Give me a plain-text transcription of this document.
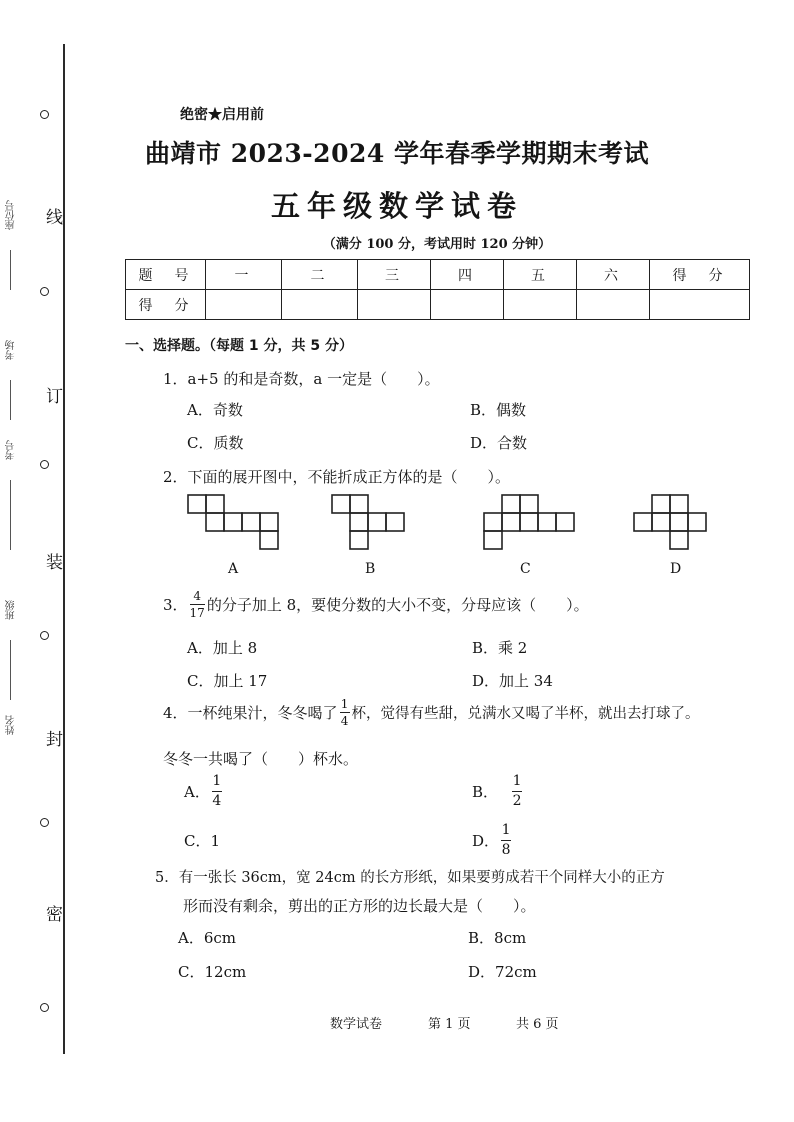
线
订
装
封
密
座位号
考场
考号
班级
姓名
绝密★启用前
曲靖市 2023-2024 学年春季学期期末考试
五年级数学试卷
（满分 100 分，考试用时 120 分钟）
题　号	一	二	三	四	五	六	得　分
得　分							
一、选择题。（每题 1 分，共 5 分）
1．a+5 的和是奇数，a 一定是（　　）。
A．奇数	B．偶数
C．质数	D．合数
2．下面的展开图中，不能折成正方体的是（　　）。
A	B	C	D
3． $\frac{4}{17}$ 的分子加上 8，要使分数的大小不变，分母应该（　　）。
A．加上 8	B．乘 2
C．加上 17	D．加上 34
4．一杯纯果汁，冬冬喝了 $\frac{1}{4}$ 杯，觉得有些甜，兑满水又喝了半杯，就出去打球了。
冬冬一共喝了（　　）杯水。
A． $\frac{1}{4}$	B． $\frac{1}{2}$
C．1	D． $\frac{1}{8}$
5．有一张长 36cm，宽 24cm 的长方形纸，如果要剪成若干个同样大小的正方
形而没有剩余，剪出的正方形的边长最大是（　　）。
A．6cm	B．8cm
C．12cm	D．72cm
数学试卷	第 1 页	共 6 页
